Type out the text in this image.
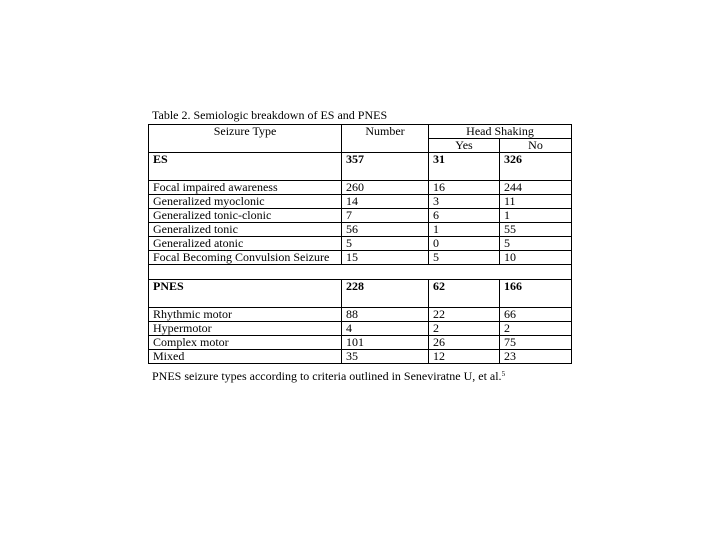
Table 2. Semiologic breakdown of ES and PNES
Seizure Type	Number	Head Shaking	
		Yes	No
ES	357	31	326
Focal impaired awareness	260	16	244
Generalized myoclonic	14	3	11
Generalized tonic-clonic	7	6	1
Generalized tonic	56	1	55
Generalized atonic	5	0	5
Focal Becoming Convulsion Seizure	15	5	10

PNES	228	62	166
Rhythmic motor	88	22	66
Hypermotor	4	2	2
Complex motor	101	26	75
Mixed	35	12	23
PNES seizure types according to criteria outlined in Seneviratne U, et al.$^5$
